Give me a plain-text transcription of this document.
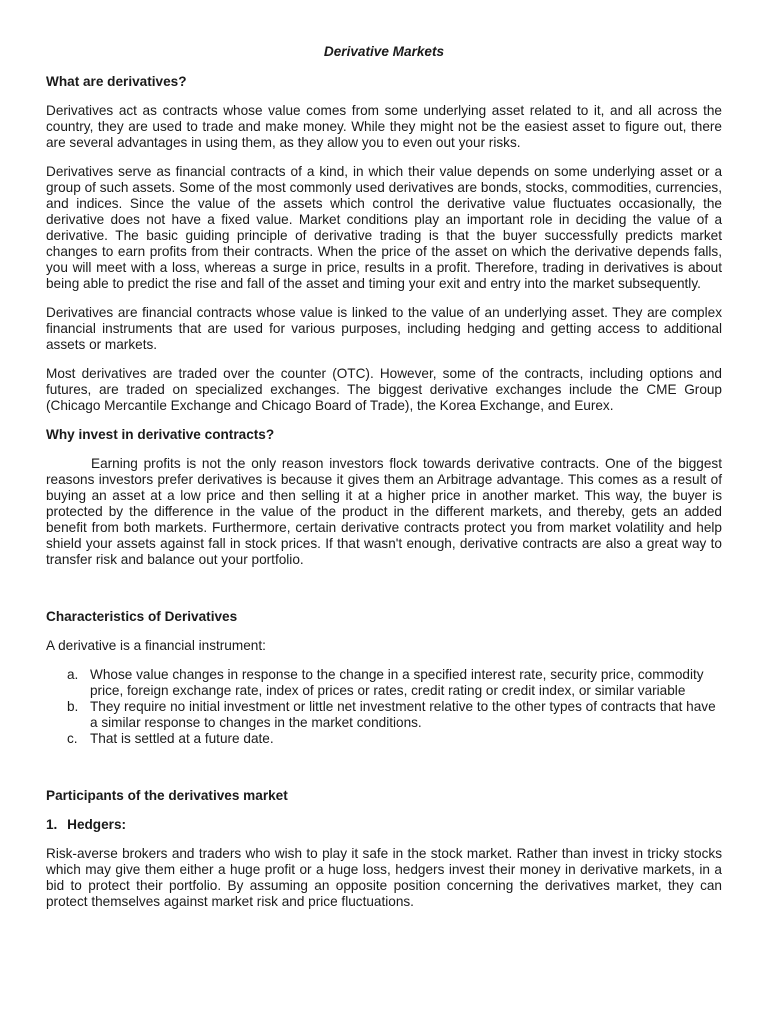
Derivative Markets
What are derivatives?

Derivatives act as contracts whose value comes from some underlying asset related to it, and all across the country, they are used to trade and make money. While they might not be the easiest asset to figure out, there are several advantages in using them, as they allow you to even out your risks.

Derivatives serve as financial contracts of a kind, in which their value depends on some underlying asset or a group of such assets. Some of the most commonly used derivatives are bonds, stocks, commodities, currencies, and indices. Since the value of the assets which control the derivative value fluctuates occasionally, the derivative does not have a fixed value. Market conditions play an important role in deciding the value of a derivative. The basic guiding principle of derivative trading is that the buyer successfully predicts market changes to earn profits from their contracts. When the price of the asset on which the derivative depends falls, you will meet with a loss, whereas a surge in price, results in a profit. Therefore, trading in derivatives is about being able to predict the rise and fall of the asset and timing your exit and entry into the market subsequently.

Derivatives are financial contracts whose value is linked to the value of an underlying asset. They are complex financial instruments that are used for various purposes, including hedging and getting access to additional assets or markets.

Most derivatives are traded over the counter (OTC). However, some of the contracts, including options and futures, are traded on specialized exchanges. The biggest derivative exchanges include the CME Group (Chicago Mercantile Exchange and Chicago Board of Trade), the Korea Exchange, and Eurex.

Why invest in derivative contracts?

Earning profits is not the only reason investors flock towards derivative contracts. One of the biggest reasons investors prefer derivatives is because it gives them an Arbitrage advantage. This comes as a result of buying an asset at a low price and then selling it at a higher price in another market. This way, the buyer is protected by the difference in the value of the product in the different markets, and thereby, gets an added benefit from both markets. Furthermore, certain derivative contracts protect you from market volatility and help shield your assets against fall in stock prices. If that wasn't enough, derivative contracts are also a great way to transfer risk and balance out your portfolio.

Characteristics of Derivatives

A derivative is a financial instrument:

a. Whose value changes in response to the change in a specified interest rate, security price, commodity price, foreign exchange rate, index of prices or rates, credit rating or credit index, or similar variable
b. They require no initial investment or little net investment relative to the other types of contracts that have a similar response to changes in the market conditions.
c. That is settled at a future date.
Participants of the derivatives market
1. Hedgers:

Risk-averse brokers and traders who wish to play it safe in the stock market. Rather than invest in tricky stocks which may give them either a huge profit or a huge loss, hedgers invest their money in derivative markets, in a bid to protect their portfolio. By assuming an opposite position concerning the derivatives market, they can protect themselves against market risk and price fluctuations.
